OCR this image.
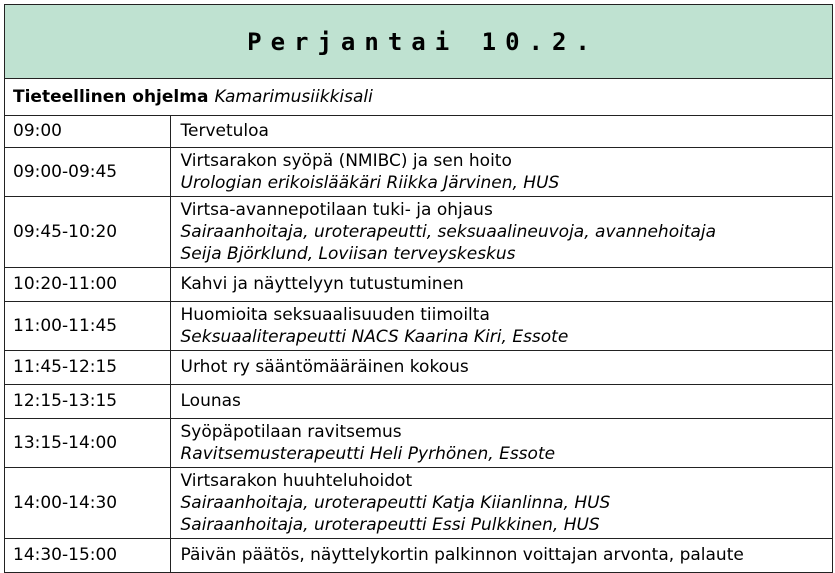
Perjantai 10.2.
Tieteellinen ohjelma Kamarimusiikkisali
09:00	Tervetuloa

09:00-09:45	Virtsarakon syöpä (NMIBC) ja sen hoito
Urologian erikoislääkäri Riikka Järvinen, HUS

09:45-10:20	Virtsa-avannepotilaan tuki- ja ohjaus
Sairaanhoitaja, uroterapeutti, seksuaalineuvoja, avannehoitaja
Seija Björklund, Loviisan terveyskeskus

10:20-11:00	Kahvi ja näyttelyyn tutustuminen

11:00-11:45	Huomioita seksuaalisuuden tiimoilta
Seksuaaliterapeutti NACS Kaarina Kiri, Essote

11:45-12:15	Urhot ry sääntömääräinen kokous

12:15-13:15	Lounas

13:15-14:00	Syöpäpotilaan ravitsemus
Ravitsemusterapeutti Heli Pyrhönen, Essote

14:00-14:30	Virtsarakon huuhteluhoidot
Sairaanhoitaja, uroterapeutti Katja Kiianlinna, HUS
Sairaanhoitaja, uroterapeutti Essi Pulkkinen, HUS

14:30-15:00	Päivän päätös, näyttelykortin palkinnon voittajan arvonta, palaute
